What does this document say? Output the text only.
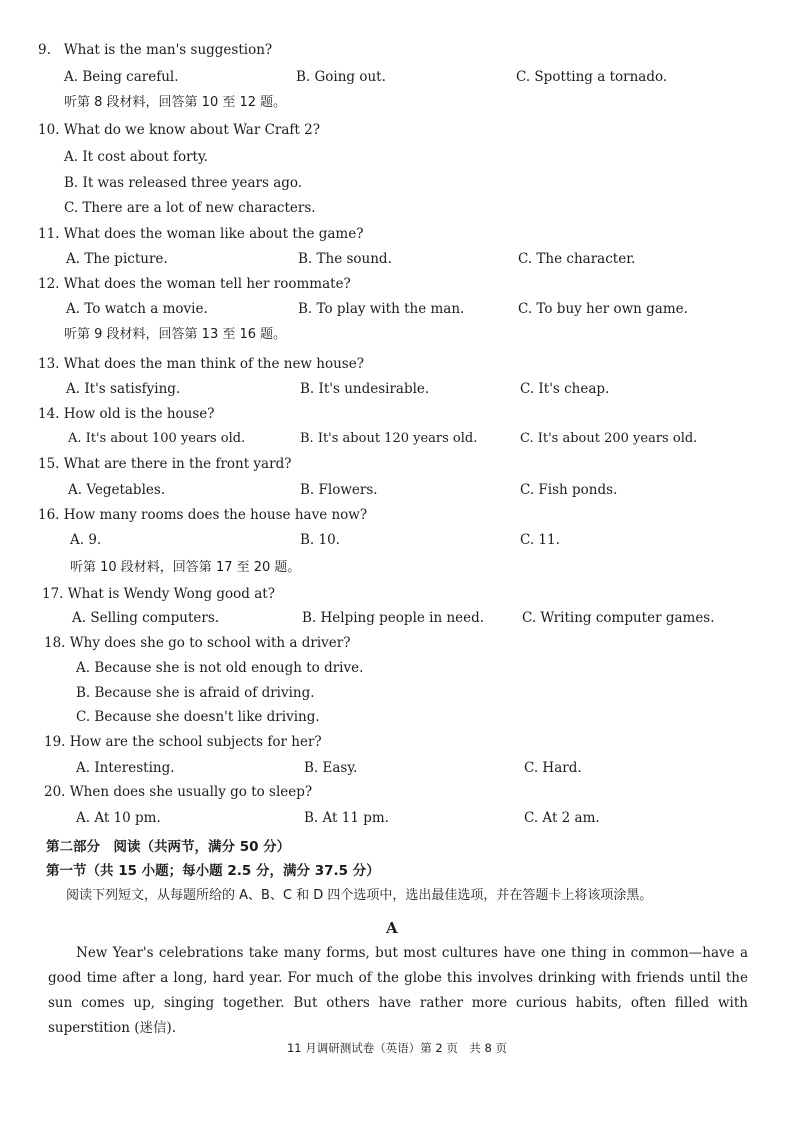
9. What is the man's suggestion?
A. Being careful.	B. Going out.	C. Spotting a tornado.
听第 8 段材料，回答第 10 至 12 题。
10. What do we know about War Craft 2?
A. It cost about forty.
B. It was released three years ago.
C. There are a lot of new characters.
11. What does the woman like about the game?
A. The picture.	B. The sound.	C. The character.
12. What does the woman tell her roommate?
A. To watch a movie.	B. To play with the man.	C. To buy her own game.
听第 9 段材料，回答第 13 至 16 题。
13. What does the man think of the new house?
A. It's satisfying.	B. It's undesirable.	C. It's cheap.
14. How old is the house?
A. It's about 100 years old.	B. It's about 120 years old.	C. It's about 200 years old.
15. What are there in the front yard?
A. Vegetables.	B. Flowers.	C. Fish ponds.
16. How many rooms does the house have now?
A. 9.	B. 10.	C. 11.
听第 10 段材料，回答第 17 至 20 题。
17. What is Wendy Wong good at?
A. Selling computers.	B. Helping people in need.	C. Writing computer games.
18. Why does she go to school with a driver?
A. Because she is not old enough to drive.
B. Because she is afraid of driving.
C. Because she doesn't like driving.
19. How are the school subjects for her?
A. Interesting.	B. Easy.	C. Hard.
20. When does she usually go to sleep?
A. At 10 pm.	B. At 11 pm.	C. At 2 am.
第二部分　阅读（共两节，满分 50 分）
第一节（共 15 小题；每小题 2.5 分，满分 37.5 分）
阅读下列短文，从每题所给的 A、B、C 和 D 四个选项中，选出最佳选项，并在答题卡上将该项涂黑。
A
New Year's celebrations take many forms, but most cultures have one thing in common—have a good time after a long, hard year. For much of the globe this involves drinking with friends until the sun comes up, singing together. But others have rather more curious habits, often filled with superstition (迷信).
11 月调研测试卷（英语）第 2 页　共 8 页
